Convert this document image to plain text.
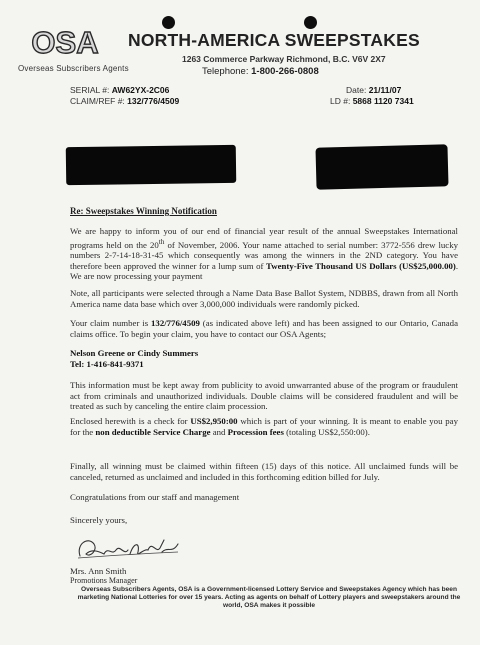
OSA
Overseas Subscribers Agents
NORTH-AMERICA SWEEPSTAKES
1263 Commerce Parkway Richmond, B.C. V6V 2X7
Telephone: 1-800-266-0808
SERIAL #: AW62YX-2C06
CLAIM/REF #: 132/776/4509
Date: 21/11/07
LD #: 5868 1120 7341
Re: Sweepstakes Winning Notification
We are happy to inform you of our end of financial year result of the annual Sweepstakes International programs held on the 20th of November, 2006. Your name attached to serial number: 3772-556 drew lucky numbers 2-7-14-18-31-45 which consequently was among the winners in the 2ND category. You have therefore been approved the winner for a lump sum of Twenty-Five Thousand US Dollars (US$25,000.00). We are now processing your payment
Note, all participants were selected through a Name Data Base Ballot System, NDBBS, drawn from all North America name data base which over 3,000,000 individuals were randomly picked.
Your claim number is 132/776/4509 (as indicated above left) and has been assigned to our Ontario, Canada claims office. To begin your claim, you have to contact our OSA Agents;
Nelson Greene or Cindy Summers
Tel: 1-416-841-9371
This information must be kept away from publicity to avoid unwarranted abuse of the program or fraudulent act from criminals and unauthorized individuals. Double claims will be considered fraudulent and will be treated as such by canceling the entire claim procession.
Enclosed herewith is a check for US$2,950:00 which is part of your winning. It is meant to enable you pay for the non deductible Service Charge and Procession fees (totaling US$2,550:00).
Finally, all winning must be claimed within fifteen (15) days of this notice. All unclaimed funds will be canceled, returned as unclaimed and included in this forthcoming edition billed for July.
Congratulations from our staff and management
Sincerely yours,
Mrs. Ann Smith
Promotions Manager
Overseas Subscribers Agents, OSA is a Government-licensed Lottery Service and Sweepstakes Agency which has been marketing National Lotteries for over 15 years. Acting as agents on behalf of Lottery players and sweepstakers around the world, OSA makes it possible
